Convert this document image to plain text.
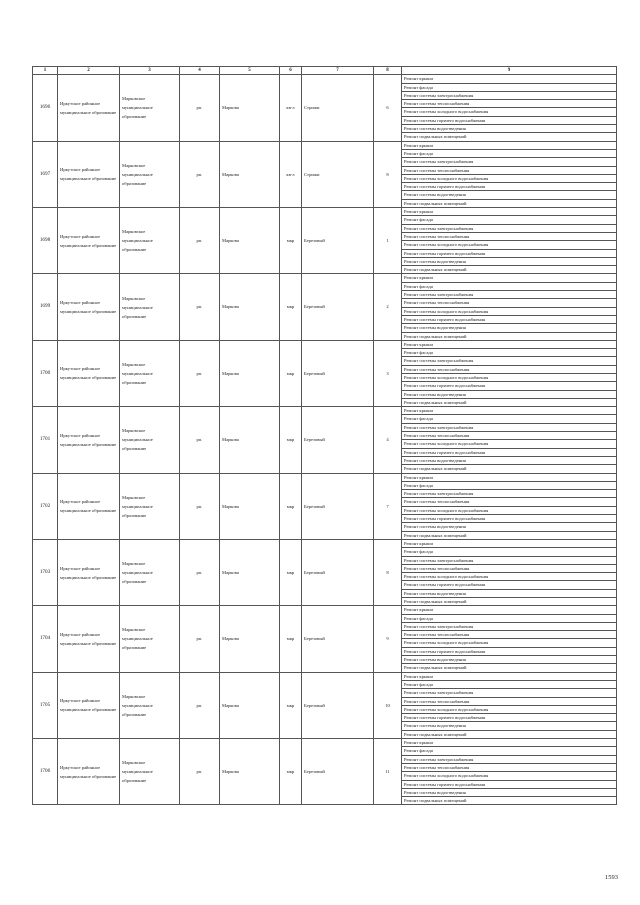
1	2	3	4	5	6	7	8	9
1696	Иркутское районное муниципальное образование	Марковское муниципальное образование	рп.	Маркова	кв-л	Стрижи	6	Ремонт крыши
								Ремонт фасада
								Ремонт системы электроснабжения
								Ремонт системы теплоснабжения
								Ремонт системы холодного водоснабжения
								Ремонт системы горячего водоснабжения
								Ремонт системы водоотведения
								Ремонт подвальных помещений
1697	Иркутское районное муниципальное образование	Марковское муниципальное образование	рп.	Маркова	кв-л	Стрижи	8	Ремонт крыши
								Ремонт фасада
								Ремонт системы электроснабжения
								Ремонт системы теплоснабжения
								Ремонт системы холодного водоснабжения
								Ремонт системы горячего водоснабжения
								Ремонт системы водоотведения
								Ремонт подвальных помещений
1698	Иркутское районное муниципальное образование	Марковское муниципальное образование	рп.	Маркова	мкр	Березовый	1	Ремонт крыши
								Ремонт фасада
								Ремонт системы электроснабжения
								Ремонт системы теплоснабжения
								Ремонт системы холодного водоснабжения
								Ремонт системы горячего водоснабжения
								Ремонт системы водоотведения
								Ремонт подвальных помещений
1699	Иркутское районное муниципальное образование	Марковское муниципальное образование	рп.	Маркова	мкр	Березовый	2	Ремонт крыши
								Ремонт фасада
								Ремонт системы электроснабжения
								Ремонт системы теплоснабжения
								Ремонт системы холодного водоснабжения
								Ремонт системы горячего водоснабжения
								Ремонт системы водоотведения
								Ремонт подвальных помещений
1700	Иркутское районное муниципальное образование	Марковское муниципальное образование	рп.	Маркова	мкр	Березовый	3	Ремонт крыши
								Ремонт фасада
								Ремонт системы электроснабжения
								Ремонт системы теплоснабжения
								Ремонт системы холодного водоснабжения
								Ремонт системы горячего водоснабжения
								Ремонт системы водоотведения
								Ремонт подвальных помещений
1701	Иркутское районное муниципальное образование	Марковское муниципальное образование	рп.	Маркова	мкр	Березовый	4	Ремонт крыши
								Ремонт фасада
								Ремонт системы электроснабжения
								Ремонт системы теплоснабжения
								Ремонт системы холодного водоснабжения
								Ремонт системы горячего водоснабжения
								Ремонт системы водоотведения
								Ремонт подвальных помещений
1702	Иркутское районное муниципальное образование	Марковское муниципальное образование	рп.	Маркова	мкр	Березовый	7	Ремонт крыши
								Ремонт фасада
								Ремонт системы электроснабжения
								Ремонт системы теплоснабжения
								Ремонт системы холодного водоснабжения
								Ремонт системы горячего водоснабжения
								Ремонт системы водоотведения
								Ремонт подвальных помещений
1703	Иркутское районное муниципальное образование	Марковское муниципальное образование	рп.	Маркова	мкр	Березовый	8	Ремонт крыши
								Ремонт фасада
								Ремонт системы электроснабжения
								Ремонт системы теплоснабжения
								Ремонт системы холодного водоснабжения
								Ремонт системы горячего водоснабжения
								Ремонт системы водоотведения
								Ремонт подвальных помещений
1704	Иркутское районное муниципальное образование	Марковское муниципальное образование	рп.	Маркова	мкр	Березовый	9	Ремонт крыши
								Ремонт фасада
								Ремонт системы электроснабжения
								Ремонт системы теплоснабжения
								Ремонт системы холодного водоснабжения
								Ремонт системы горячего водоснабжения
								Ремонт системы водоотведения
								Ремонт подвальных помещений
1705	Иркутское районное муниципальное образование	Марковское муниципальное образование	рп.	Маркова	мкр	Березовый	10	Ремонт крыши
								Ремонт фасада
								Ремонт системы электроснабжения
								Ремонт системы теплоснабжения
								Ремонт системы холодного водоснабжения
								Ремонт системы горячего водоснабжения
								Ремонт системы водоотведения
								Ремонт подвальных помещений
1706	Иркутское районное муниципальное образование	Марковское муниципальное образование	рп.	Маркова	мкр	Березовый	11	Ремонт крыши
								Ремонт фасада
								Ремонт системы электроснабжения
								Ремонт системы теплоснабжения
								Ремонт системы холодного водоснабжения
								Ремонт системы горячего водоснабжения
								Ремонт системы водоотведения
								Ремонт подвальных помещений
1593
